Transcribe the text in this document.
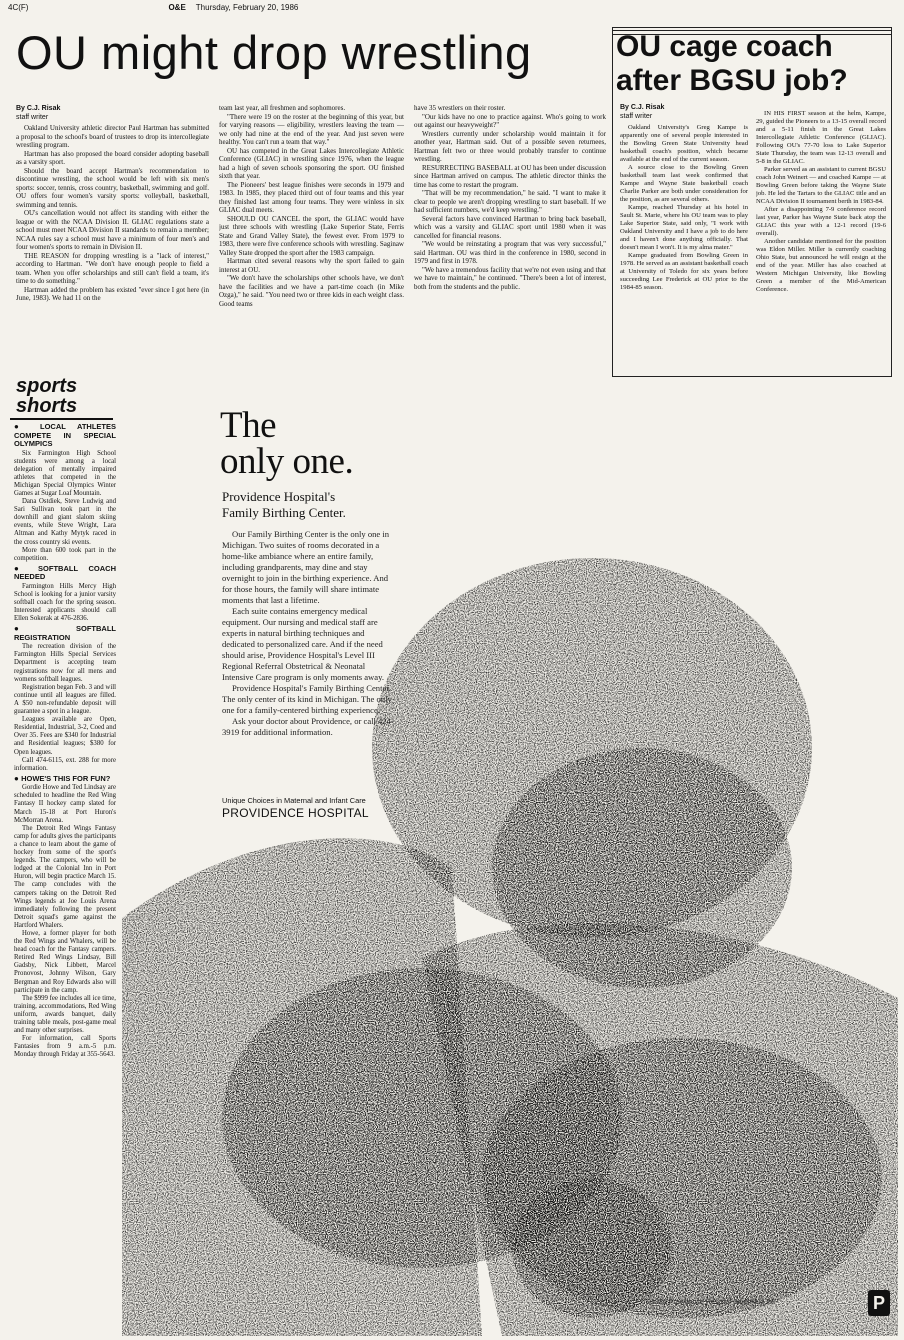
4C(F)	O&E Thursday, February 20, 1986
OU might drop wrestling
By C.J. Risak
staff writer

Oakland University athletic director Paul Hartman has submitted a proposal to the school's board of trustees to drop its intercollegiate wrestling program.

Hartman has also proposed the board consider adopting baseball as a varsity sport.

Should the board accept Hartman's recommendation to discontinue wrestling, the school would be left with six men's sports: soccer, tennis, cross country, basketball, swimming and golf. OU offers four women's varsity sports: volleyball, basketball, swimming and tennis.

OU's cancellation would not affect its standing with either the league or with the NCAA Division II. GLIAC regulations state a school must meet NCAA Division II standards to remain a member; NCAA rules say a school must have a minimum of four men's and four women's sports to remain in Division II.

THE REASON for dropping wrestling is a "lack of interest," according to Hartman. "We don't have enough people to field a team. When you offer scholarships and still can't field a team, it's time to do something."

Hartman added the problem has existed "ever since I got here (in June, 1983). We had 11 on the

team last year, all freshmen and sophomores.

"There were 19 on the roster at the beginning of this year, but for varying reasons — eligibility, wrestlers leaving the team — we only had nine at the end of the year. And just seven were healthy. You can't run a team that way."

OU has competed in the Great Lakes Intercollegiate Athletic Conference (GLIAC) in wrestling since 1976, when the league had a high of seven schools sponsoring the sport. OU finished sixth that year.

The Pioneers' best league finishes were seconds in 1979 and 1983. In 1985, they placed third out of four teams and this year they finished last among four teams. They were winless in six GLIAC dual meets.

SHOULD OU CANCEL the sport, the GLIAC would have just three schools with wrestling (Lake Superior State, Ferris State and Grand Valley State), the fewest ever. From 1979 to 1983, there were five conference schools with wrestling. Saginaw Valley State dropped the sport after the 1983 campaign.

Hartman cited several reasons why the sport failed to gain interest at OU.

"We don't have the scholarships other schools have, we don't have the facilities and we have a part-time coach (in Mike Ozga)," he said. "You need two or three kids in each weight class. Good teams

have 35 wrestlers on their roster.

"Our kids have no one to practice against. Who's going to work out against our heavyweight?"

Wrestlers currently under scholarship would maintain it for another year, Hartman said. Out of a possible seven returnees, Hartman felt two or three would probably transfer to continue wrestling.

RESURRECTING BASEBALL at OU has been under discussion since Hartman arrived on campus. The athletic director thinks the time has come to restart the program.

"That will be my recommendation," he said. "I want to make it clear to people we aren't dropping wrestling to start baseball. If we had sufficient numbers, we'd keep wrestling."

Several factors have convinced Hartman to bring back baseball, which was a varsity and GLIAC sport until 1980 when it was cancelled for financial reasons.

"We would be reinstating a program that was very successful," said Hartman. OU was third in the conference in 1980, second in 1979 and first in 1978.

"We have a tremendous facility that we're not even using and that we have to maintain," he continued. "There's been a lot of interest, both from the students and the public.

OU cage coach
after BGSU job?
By C.J. Risak
staff writer

Oakland University's Greg Kampe is apparently one of several people interested in the Bowling Green State University head basketball coach's position, which became available at the end of the current season.

A source close to the Bowling Green basketball team last week confirmed that Kampe and Wayne State basketball coach Charlie Parker are both under consideration for the position, as are several others.

Kampe, reached Thursday at his hotel in Sault St. Marie, where his OU team was to play Lake Superior State, said only, "I work with Oakland University and I have a job to do here and I haven't done anything officially. That doesn't mean I won't. It is my alma mater."

Kampe graduated from Bowling Green in 1978. He served as an assistant basketball coach at University of Toledo for six years before succeeding Lee Frederick at OU prior to the 1984-85 season.

IN HIS FIRST season at the helm, Kampe, 29, guided the Pioneers to a 13-15 overall record and a 5-11 finish in the Great Lakes Intercollegiate Athletic Conference (GLIAC). Following OU's 77-70 loss to Lake Superior State Thursday, the team was 12-13 overall and 5-8 in the GLIAC.

Parker served as an assistant to current BGSU coach John Weinert — and coached Kampe — at Bowling Green before taking the Wayne State job. He led the Tartars to the GLIAC title and an NCAA Division II tournament berth in 1983-84.

After a disappointing 7-9 conference record last year, Parker has Wayne State back atop the GLIAC this year with a 12-1 record (19-6 overall).

Another candidate mentioned for the position was Eldon Miller. Miller is currently coaching Ohio State, but announced he will resign at the end of the year. Miller has also coached at Western Michigan University, like Bowling Green a member of the Mid-American Conference.

sports
shorts
● LOCAL ATHLETES COMPETE IN SPECIAL OLYMPICS

Six Farmington High School students were among a local delegation of mentally impaired athletes that competed in the Michigan Special Olympics Winter Games at Sugar Loaf Mountain.

Dana Ostdiek, Steve Ludwig and Sari Sullivan took part in the downhill and giant slalom skiing events, while Steve Wright, Lara Altman and Kathy Mytyk raced in the cross country ski events.

More than 600 took part in the competition.

● SOFTBALL COACH NEEDED

Farmington Hills Mercy High School is looking for a junior varsity softball coach for the spring season. Interested applicants should call Ellen Sokerak at 476-2836.

● SOFTBALL REGISTRATION

The recreation division of the Farmington Hills Special Services Department is accepting team registrations now for all mens and womens softball leagues.

Registration began Feb. 3 and will continue until all leagues are filled. A $50 non-refundable deposit will guarantee a spot in a league.

Leagues available are Open, Residential, Industrial, 3-2, Coed and Over 35. Fees are $340 for Industrial and Residential leagues; $380 for Open leagues.

Call 474-6115, ext. 288 for more information.

● HOWE'S THIS FOR FUN?

Gordie Howe and Ted Lindsay are scheduled to headline the Red Wing Fantasy II hockey camp slated for March 15-18 at Port Huron's McMorran Arena.

The Detroit Red Wings Fantasy camp for adults gives the participants a chance to learn about the game of hockey from some of the sport's legends. The campers, who will be lodged at the Colonial Inn in Port Huron, will begin practice March 15. The camp concludes with the campers taking on the Detroit Red Wings legends at Joe Louis Arena immediately following the present Detroit squad's game against the Hartford Whalers.

Howe, a former player for both the Red Wings and Whalers, will be head coach for the Fantasy campers. Retired Red Wings Lindsay, Bill Gadsby, Nick Libbett, Marcel Pronovost, Johnny Wilson, Gary Bergman and Roy Edwards also will participate in the camp.

The $999 fee includes all ice time, training, accommodations, Red Wing uniform, awards banquet, daily training table meals, post-game meal and many other surprises.

For information, call Sports Fantasies from 9 a.m.-5 p.m. Monday through Friday at 355-5643.

The
only one.
Providence Hospital's
Family Birthing Center.

Our Family Birthing Center is the only one in Michigan. Two suites of rooms decorated in a home-like ambiance where an entire family, including grandparents, may dine and stay overnight to join in the birthing experience. And for those hours, the family will share intimate moments that last a lifetime.

Each suite contains emergency medical equipment. Our nursing and medical staff are experts in natural birthing techniques and dedicated to personalized care. And if the need should arise, Providence Hospital's Level III Regional Referral Obstetrical & Neonatal Intensive Care program is only moments away.

Providence Hospital's Family Birthing Center. The only center of its kind in Michigan. The only one for a family-centered birthing experience.

Ask your doctor about Providence, or call 424-3919 for additional information.

Unique Choices in Maternal and Infant Care
PROVIDENCE HOSPITAL
©1986 Providence Hospital Southfield, MI	P
